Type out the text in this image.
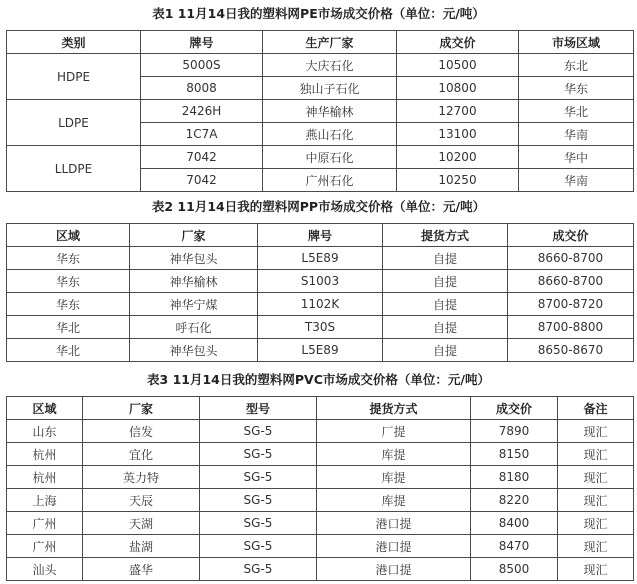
表1 11月14日我的塑料网PE市场成交价格（单位：元/吨）
类别	牌号	生产厂家	成交价	市场区域
HDPE	5000S	大庆石化	10500	东北
	8008	独山子石化	10800	华东
LDPE	2426H	神华榆林	12700	华北
	1C7A	燕山石化	13100	华南
LLDPE	7042	中原石化	10200	华中
	7042	广州石化	10250	华南
表2 11月14日我的塑料网PP市场成交价格（单位：元/吨）
区域	厂家	牌号	提货方式	成交价
华东	神华包头	L5E89	自提	8660-8700
华东	神华榆林	S1003	自提	8660-8700
华东	神华宁煤	1102K	自提	8700-8720
华北	呼石化	T30S	自提	8700-8800
华北	神华包头	L5E89	自提	8650-8670
表3 11月14日我的塑料网PVC市场成交价格（单位：元/吨）
区域	厂家	型号	提货方式	成交价	备注
山东	信发	SG-5	厂提	7890	现汇
杭州	宜化	SG-5	库提	8150	现汇
杭州	英力特	SG-5	库提	8180	现汇
上海	天辰	SG-5	库提	8220	现汇
广州	天湖	SG-5	港口提	8400	现汇
广州	盐湖	SG-5	港口提	8470	现汇
汕头	盛华	SG-5	港口提	8500	现汇
